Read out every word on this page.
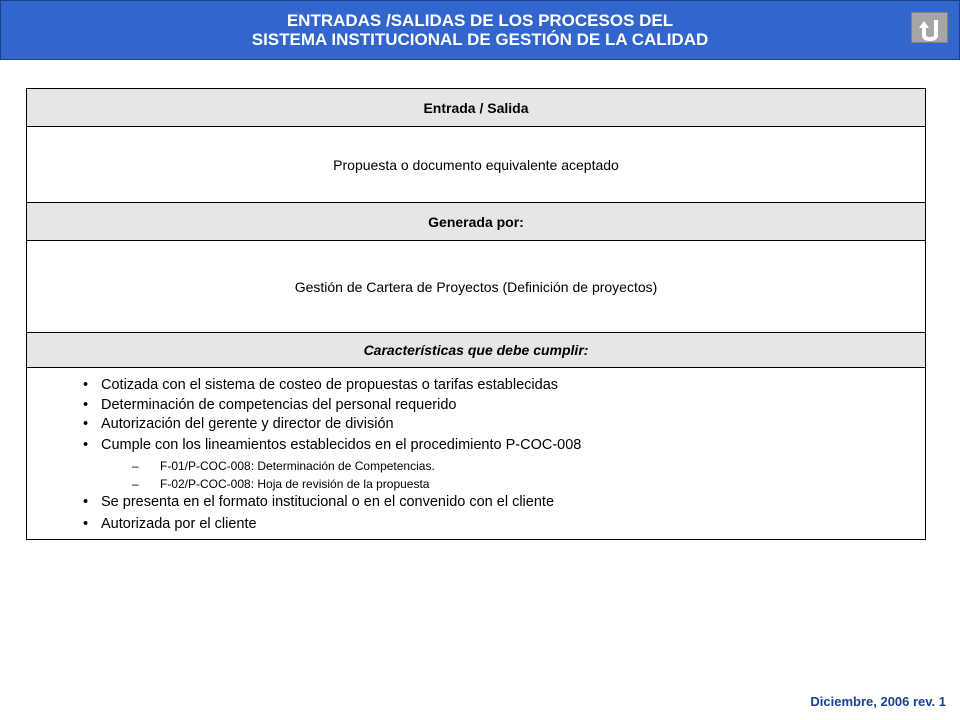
ENTRADAS /SALIDAS DE LOS PROCESOS DEL
SISTEMA INSTITUCIONAL DE GESTIÓN DE LA CALIDAD
Entrada / Salida
Propuesta o documento equivalente aceptado
Generada por:
Gestión de Cartera de Proyectos (Definición de proyectos)
Características que debe cumplir:
• Cotizada con el sistema de costeo de propuestas o tarifas establecidas
• Determinación de competencias del personal requerido
• Autorización del gerente y director de división
• Cumple con los lineamientos establecidos en el procedimiento P-COC-008
– F-01/P-COC-008: Determinación de Competencias.
– F-02/P-COC-008: Hoja de revisión de la propuesta
• Se presenta en el formato institucional o en el convenido con el cliente
• Autorizada por el cliente
Diciembre, 2006 rev. 1
